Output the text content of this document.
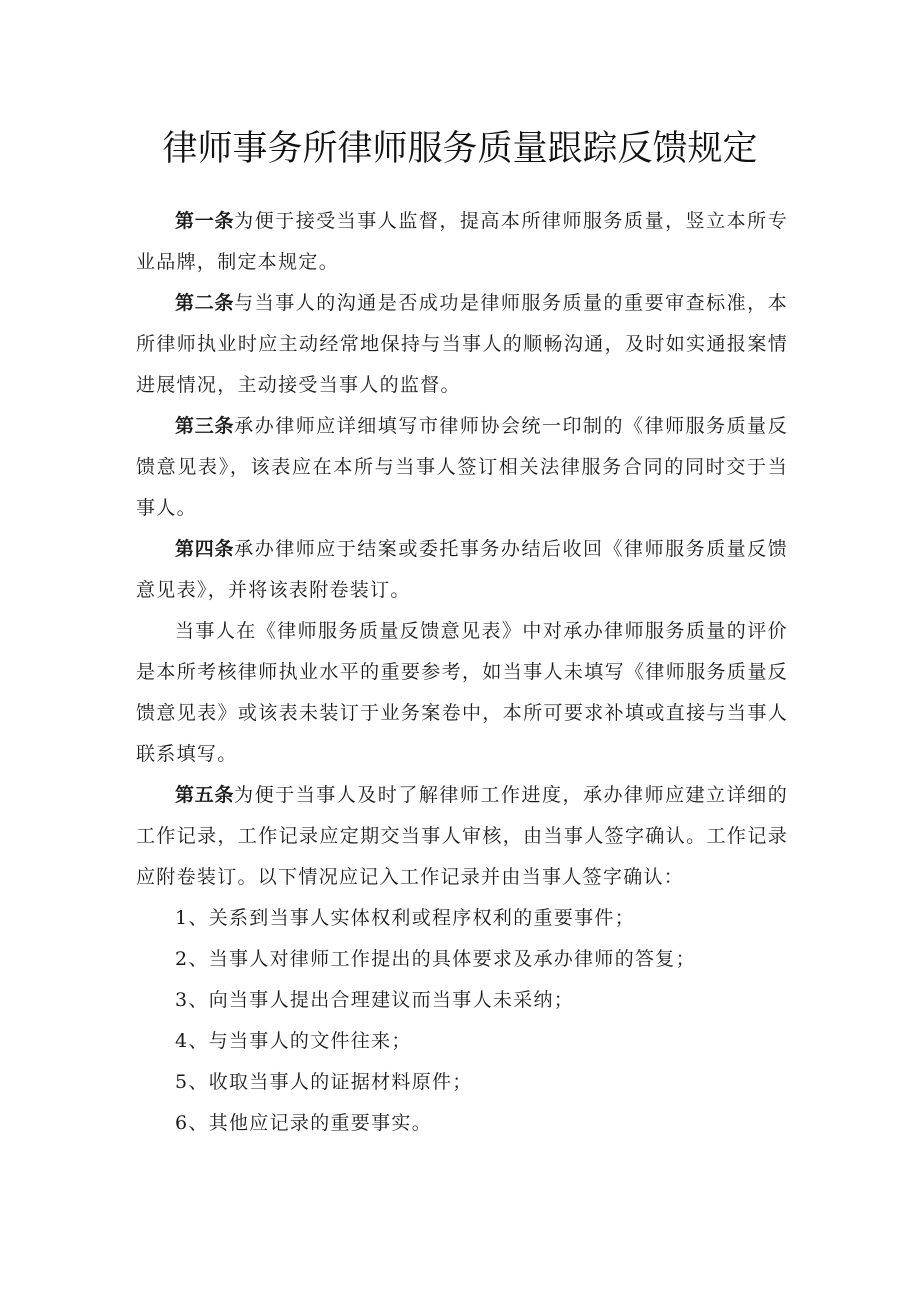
律师事务所律师服务质量跟踪反馈规定

第一条为便于接受当事人监督，提高本所律师服务质量，竖立本所专业品牌，制定本规定。

第二条与当事人的沟通是否成功是律师服务质量的重要审查标准，本所律师执业时应主动经常地保持与当事人的顺畅沟通，及时如实通报案情进展情况，主动接受当事人的监督。

第三条承办律师应详细填写市律师协会统一印制的《律师服务质量反馈意见表》，该表应在本所与当事人签订相关法律服务合同的同时交于当事人。

第四条承办律师应于结案或委托事务办结后收回《律师服务质量反馈意见表》，并将该表附卷装订。

当事人在《律师服务质量反馈意见表》中对承办律师服务质量的评价是本所考核律师执业水平的重要参考，如当事人未填写《律师服务质量反馈意见表》或该表未装订于业务案卷中，本所可要求补填或直接与当事人联系填写。

第五条为便于当事人及时了解律师工作进度，承办律师应建立详细的工作记录，工作记录应定期交当事人审核，由当事人签字确认。工作记录应附卷装订。以下情况应记入工作记录并由当事人签字确认：

1、关系到当事人实体权利或程序权利的重要事件；

2、当事人对律师工作提出的具体要求及承办律师的答复；

3、向当事人提出合理建议而当事人未采纳；

4、与当事人的文件往来；

5、收取当事人的证据材料原件；

6、其他应记录的重要事实。
